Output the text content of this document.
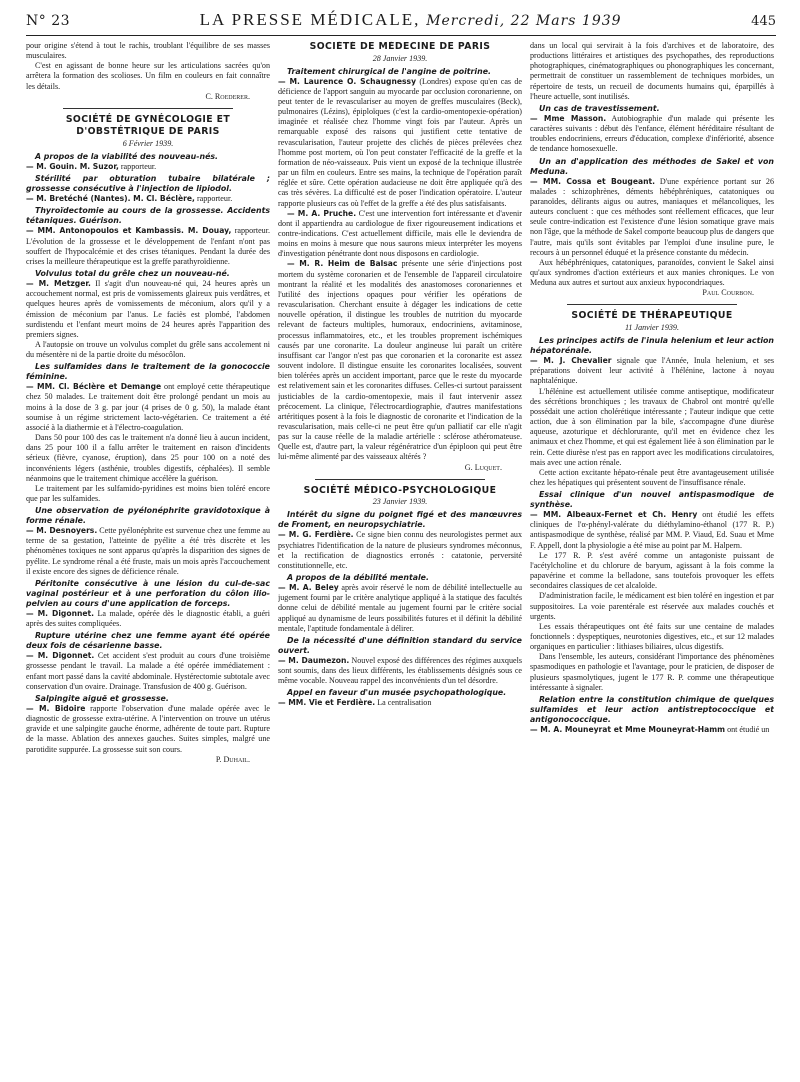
N° 23	LA PRESSE MÉDICALE, Mercredi, 22 Mars 1939	445

pour origine s'étend à tout le rachis, troublant l'équilibre de ses masses musculaires.

C'est en agissant de bonne heure sur les articulations sacrées qu'on arrêtera la formation des scolioses. Un film en couleurs en fait connaître les détails.

C. Roederer.
SOCIÉTÉ DE GYNÉCOLOGIE ET D'OBSTÉTRIQUE DE PARIS
6 Février 1939.
A propos de la viabilité des nouveau-nés.

— M. Gouin. M. Suzor, rapporteur.

Stérilité par obturation tubaire bilatérale ; grossesse consécutive à l'injection de lipiodol.

— M. Bretéché (Nantes). M. Cl. Béclère, rapporteur.

Thyroïdectomie au cours de la grossesse. Accidents tétaniques. Guérison.

— MM. Antonopoulos et Kambassis. M. Douay, rapporteur. L'évolution de la grossesse et le développement de l'enfant n'ont pas souffert de l'hypocalcémie et des crises tétaniques. Pendant la durée des crises la meilleure thérapeutique est la greffe parathyroïdienne.

Volvulus total du grêle chez un nouveau-né.

— M. Metzger. Il s'agit d'un nouveau-né qui, 24 heures après un accouchement normal, est pris de vomissements glaireux puis verdâtres, et quelques heures après de vomissements de méconium, alors qu'il y a émission de méconium par l'anus. Le faciès est plombé, l'abdomen surdistendu et l'enfant meurt moins de 24 heures après l'apparition des premiers signes.

A l'autopsie on trouve un volvulus complet du grêle sans accolement ni du mésentère ni de la partie droite du mésocôlon.

Les sulfamides dans le traitement de la gonococcie féminine.

— MM. Cl. Béclère et Demange ont employé cette thérapeutique chez 50 malades. Le traitement doit être prolongé pendant un mois au moins à la dose de 3 g. par jour (4 prises de 0 g. 50), la malade étant soumise à un régime strictement lacto-végétarien. Ce traitement a été associé à la diathermie et à l'électro-coagulation.

Dans 50 pour 100 des cas le traitement n'a donné lieu à aucun incident, dans 25 pour 100 il a fallu arrêter le traitement en raison d'incidents sérieux (fièvre, cyanose, éruption), dans 25 pour 100 on a noté des inconvénients légers (asthénie, troubles digestifs, céphalées). Il semble néanmoins que le traitement chimique accélère la guérison.

Le traitement par les sulfamido-pyridines est moins bien toléré encore que par les sulfamides.

Une observation de pyélonéphrite gravidotoxique à forme rénale.

— M. Desnoyers. Cette pyélonéphrite est survenue chez une femme au terme de sa gestation, l'atteinte de pyélite a été très discrète et les phénomènes toxiques ne sont apparus qu'après la disparition des signes de pyélite. Le syndrome rénal a été fruste, mais un mois après l'accouchement il existe encore des signes de déficience rénale.

Péritonite consécutive à une lésion du cul-de-sac vaginal postérieur et à une perforation du côlon ilio-pelvien au cours d'une application de forceps.

— M. Digonnet. La malade, opérée dès le diagnostic établi, a guéri après des suites compliquées.

Rupture utérine chez une femme ayant été opérée deux fois de césarienne basse.

— M. Digonnet. Cet accident s'est produit au cours d'une troisième grossesse pendant le travail. La malade a été opérée immédiatement : enfant mort passé dans la cavité abdominale. Hystérectomie subtotale avec conservation d'un ovaire. Drainage. Transfusion de 400 g. Guérison.

Salpingite aiguë et grossesse.

— M. Bidoire rapporte l'observation d'une malade opérée avec le diagnostic de grossesse extra-utérine. A l'intervention on trouve un utérus gravide et une salpingite gauche énorme, adhérente de toute part. Rupture de la masse. Ablation des annexes gauches. Suites simples, malgré une parotidite suppurée. La grossesse suit son cours.

P. Duhail.
SOCIÉTÉ DE MÉDECINE DE PARIS
28 Janvier 1939.
Traitement chirurgical de l'angine de poitrine.

— M. Laurence O. Schaugnessy (Londres) expose qu'en cas de déficience de l'apport sanguin au myocarde par occlusion coronarienne, on peut tenter de le revasculariser au moyen de greffes musculaires (Beck), pulmonaires (Lézins), épiploïques (c'est la cardio-omentopexie-opération) imaginée et réalisée chez l'homme vingt fois par l'auteur. Après un remarquable exposé des raisons qui justifient cette tentative de revascularisation, l'auteur projette des clichés de pièces prélevées chez l'homme post mortem, où l'on peut constater l'efficacité de la greffe et la formation de néo-vaisseaux. Puis vient un exposé de la technique illustrée par un film en couleurs. Entre ses mains, la technique de l'opération paraît réglée et sûre. Cette opération audacieuse ne doit être appliquée qu'à des cas très sévères. La difficulté est de poser l'indication opératoire. L'auteur rapporte plusieurs cas où l'effet de la greffe a été des plus satisfaisants.

— M. A. Pruche. C'est une intervention fort intéressante et d'avenir dont il appartiendra au cardiologue de fixer rigoureusement indications et contre-indications. C'est actuellement difficile, mais elle le deviendra de moins en moins à mesure que nous saurons mieux interpréter les moyens d'investigation pénétrante dont nous disposons en cardiologie.

— M. R. Heim de Balsac présente une série d'injections post mortem du système coronarien et de l'ensemble de l'appareil circulatoire montrant la réalité et les modalités des anastomoses coronariennes et l'utilité des injections opaques pour vérifier les opérations de revascularisation. Cherchant ensuite à dégager les indications de cette nouvelle opération, il distingue les troubles de nutrition du myocarde relevant de facteurs multiples, humoraux, endocriniens, avitaminose, processus inflammatoires, etc., et les troubles proprement ischémiques causés par une coronarite. La douleur angineuse lui paraît un critère insuffisant car l'angor n'est pas que coronarien et la coronarite est assez souvent indolore. Il distingue ensuite les coronarites localisées, souvent bien tolérées après un accident important, parce que le reste du myocarde est relativement sain et les coronarites diffuses. Celles-ci surtout paraissent justiciables de la cardio-omentopexie, mais il faut intervenir assez précocement. La clinique, l'électrocardiographie, d'autres manifestations artéritiques posent à la fois le diagnostic de coronarite et l'indication de la revascularisation, mais celle-ci ne peut être qu'un palliatif car elle n'agit pas sur la cause réelle de la maladie artérielle : sclérose athéromateuse. Quelle est, d'autre part, la valeur régénératrice d'un épiploon qui peut être lui-même alimenté par des vaisseaux altérés ?

G. Luquet.
SOCIÉTÉ MÉDICO-PSYCHOLOGIQUE
23 Janvier 1939.
Intérêt du signe du poignet figé et des manœuvres de Froment, en neuropsychiatrie.

— M. G. Ferdière. Ce signe bien connu des neurologistes permet aux psychiatres l'identification de la nature de plusieurs syndromes méconnus, et la rectification de diagnostics erronés : catatonie, perversité constitutionnelle, etc.

A propos de la débilité mentale.

— M. A. Beley après avoir réservé le nom de débilité intellectuelle au jugement fourni par le critère analytique appliqué à la statique des facultés donne celui de débilité mentale au jugement fourni par le critère social appliqué au dynamisme de leurs possibilités futures et il définit la débilité mentale, l'aptitude fondamentale à délirer.

De la nécessité d'une définition standard du service ouvert.

— M. Daumezon. Nouvel exposé des différences des régimes auxquels sont soumis, dans des lieux différents, les établissements désignés sous ce même vocable. Nouveau rappel des inconvénients d'un tel désordre.

Appel en faveur d'un musée psychopathologique.

— MM. Vie et Ferdière. La centralisation

dans un local qui servirait à la fois d'archives et de laboratoire, des productions littéraires et artistiques des psychopathes, des reproductions photographiques, cinématographiques ou phonographiques les concernant, permettrait de constituer un rassemblement de techniques morbides, un répertoire de tests, un recueil de documents humains qui, éparpillés à l'heure actuelle, sont inutilisés.

Un cas de travestissement.

— Mme Masson. Autobiographie d'un malade qui présente les caractères suivants : début dès l'enfance, élément héréditaire résultant de troubles endocriniens, erreurs d'éducation, complexe d'infériorité, absence de tendance homosexuelle.

Un an d'application des méthodes de Sakel et von Meduna.

— MM. Cossa et Bougeant. D'une expérience portant sur 26 malades : schizophrènes, déments hébéphréniques, catatoniques ou paranoïdes, délirants aigus ou autres, maniaques et mélancoliques, les auteurs concluent : que ces méthodes sont réellement efficaces, que leur seule contre-indication est l'existence d'une lésion somatique grave mais non l'âge, que la méthode de Sakel comporte beaucoup plus de dangers que l'autre, mais qu'ils sont évitables par l'emploi d'une insuline pure, le recours à un personnel éduqué et la présence constante du médecin.

Aux hébéphréniques, catatoniques, paranoïdes, convient le Sakel ainsi qu'aux syndromes d'action extérieurs et aux manies chroniques. Le von Meduna aux autres et surtout aux anxieux hypocondriaques.

Paul Courbon.
SOCIÉTÉ DE THÉRAPEUTIQUE
11 Janvier 1939.
Les principes actifs de l'inula helenium et leur action hépatorénale.

— M. J. Chevalier signale que l'Année, Inula helenium, et ses préparations doivent leur activité à l'hélénine, lactone à noyau naphtalénique.

L'hélénine est actuellement utilisée comme antiseptique, modificateur des sécrétions bronchiques ; les travaux de Chabrol ont montré qu'elle possédait une action cholérétique intéressante ; l'auteur indique que cette action, due à son élimination par la bile, s'accompagne d'une diurèse aqueuse, azoturique et déchlorurante, qu'il met en évidence chez les animaux et chez l'homme, et qui est également liée à son élimination par le rein. Cette diurèse n'est pas en rapport avec les modifications circulatoires, mais avec une action rénale.

Cette action excitante hépato-rénale peut être avantageusement utilisée chez les hépatiques qui présentent souvent de l'insuffisance rénale.

Essai clinique d'un nouvel antispasmodique de synthèse.

— MM. Albeaux-Fernet et Ch. Henry ont étudié les effets cliniques de l'α-phényl-valérate du diéthylamino-éthanol (177 R. P.) antispasmodique de synthèse, réalisé par MM. P. Viaud, Ed. Suau et Mme F. Appell, dont la physiologie a été mise au point par M. Halpern.

Le 177 R. P. s'est avéré comme un antagoniste puissant de l'acétylcholine et du chlorure de baryum, agissant à la fois comme la papavérine et comme la belladone, sans toutefois provoquer les effets secondaires classiques de cet alcaloïde.

D'administration facile, le médicament est bien toléré en ingestion et par suppositoires. La voie parentérale est réservée aux malades couchés et urgents.

Les essais thérapeutiques ont été faits sur une centaine de malades fonctionnels : dyspeptiques, neurotonies digestives, etc., et sur 12 malades organiques en particulier : lithiases biliaires, ulcus digestifs.

Dans l'ensemble, les auteurs, considérant l'importance des phénomènes spasmodiques en pathologie et l'avantage, pour le praticien, de disposer de plusieurs spasmolytiques, jugent le 177 R. P. comme une thérapeutique intéressante à signaler.

Relation entre la constitution chimique de quelques sulfamides et leur action antistreptococcique et antigonococcique.

— M. A. Mouneyrat et Mme Mouneyrat-Hamm ont étudié un
